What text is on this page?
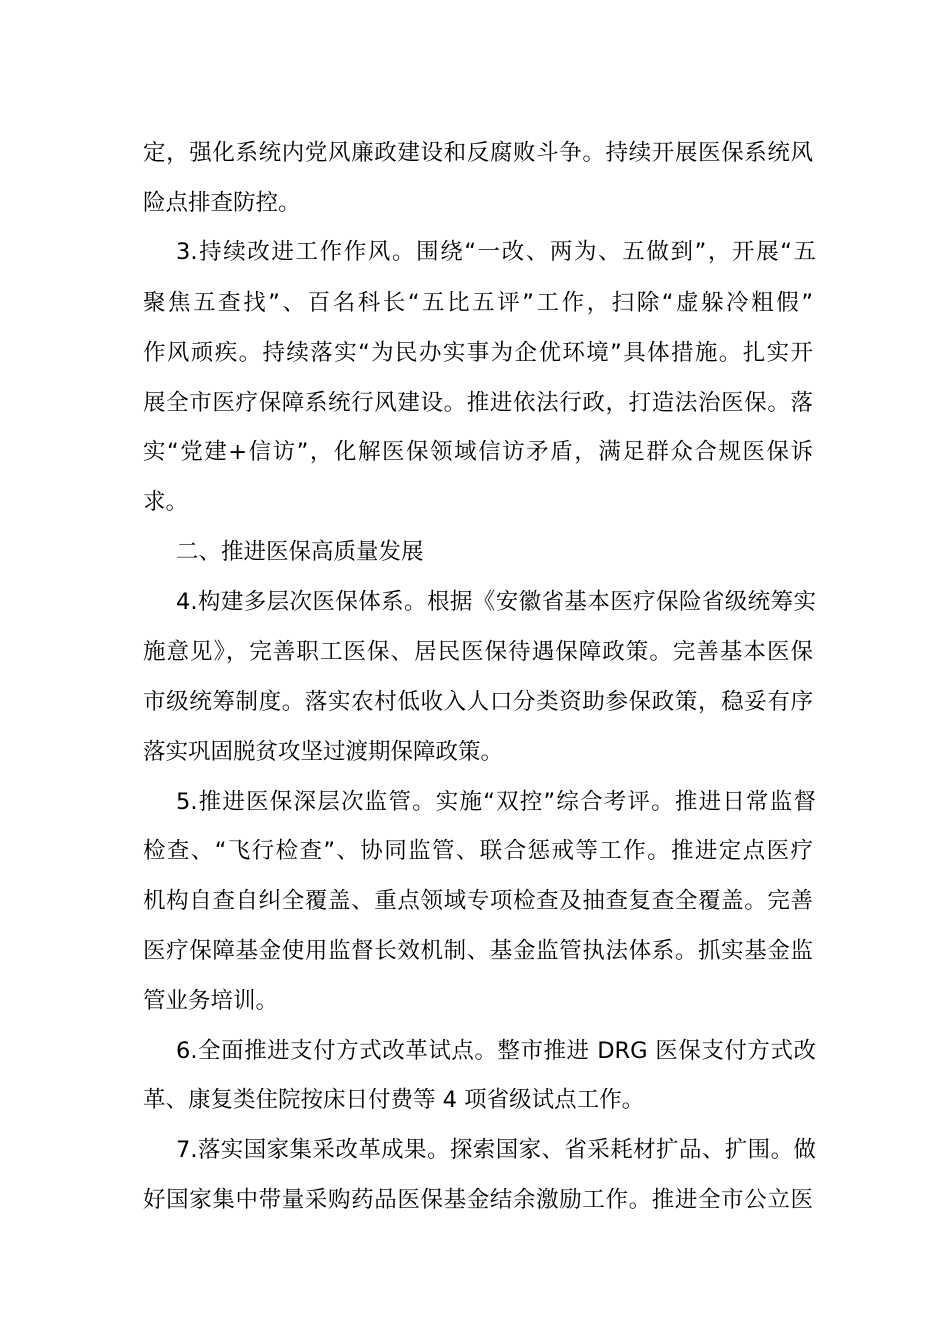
定，强化系统内党风廉政建设和反腐败斗争。持续开展医保系统风
险点排查防控。
3.持续改进工作作风。围绕“一改、两为、五做到”，开展“五
聚焦五查找”、百名科长“五比五评”工作，扫除“虚躲冷粗假”
作风顽疾。持续落实“为民办实事为企优环境”具体措施。扎实开
展全市医疗保障系统行风建设。推进依法行政，打造法治医保。落
实“党建+信访”，化解医保领域信访矛盾，满足群众合规医保诉
求。
二、推进医保高质量发展
4.构建多层次医保体系。根据《安徽省基本医疗保险省级统筹实
施意见》，完善职工医保、居民医保待遇保障政策。完善基本医保
市级统筹制度。落实农村低收入人口分类资助参保政策，稳妥有序
落实巩固脱贫攻坚过渡期保障政策。
5.推进医保深层次监管。实施“双控”综合考评。推进日常监督
检查、“飞行检查”、协同监管、联合惩戒等工作。推进定点医疗
机构自查自纠全覆盖、重点领域专项检查及抽查复查全覆盖。完善
医疗保障基金使用监督长效机制、基金监管执法体系。抓实基金监
管业务培训。
6.全面推进支付方式改革试点。整市推进 DRG 医保支付方式改
革、康复类住院按床日付费等 4 项省级试点工作。
7.落实国家集采改革成果。探索国家、省采耗材扩品、扩围。做
好国家集中带量采购药品医保基金结余激励工作。推进全市公立医
